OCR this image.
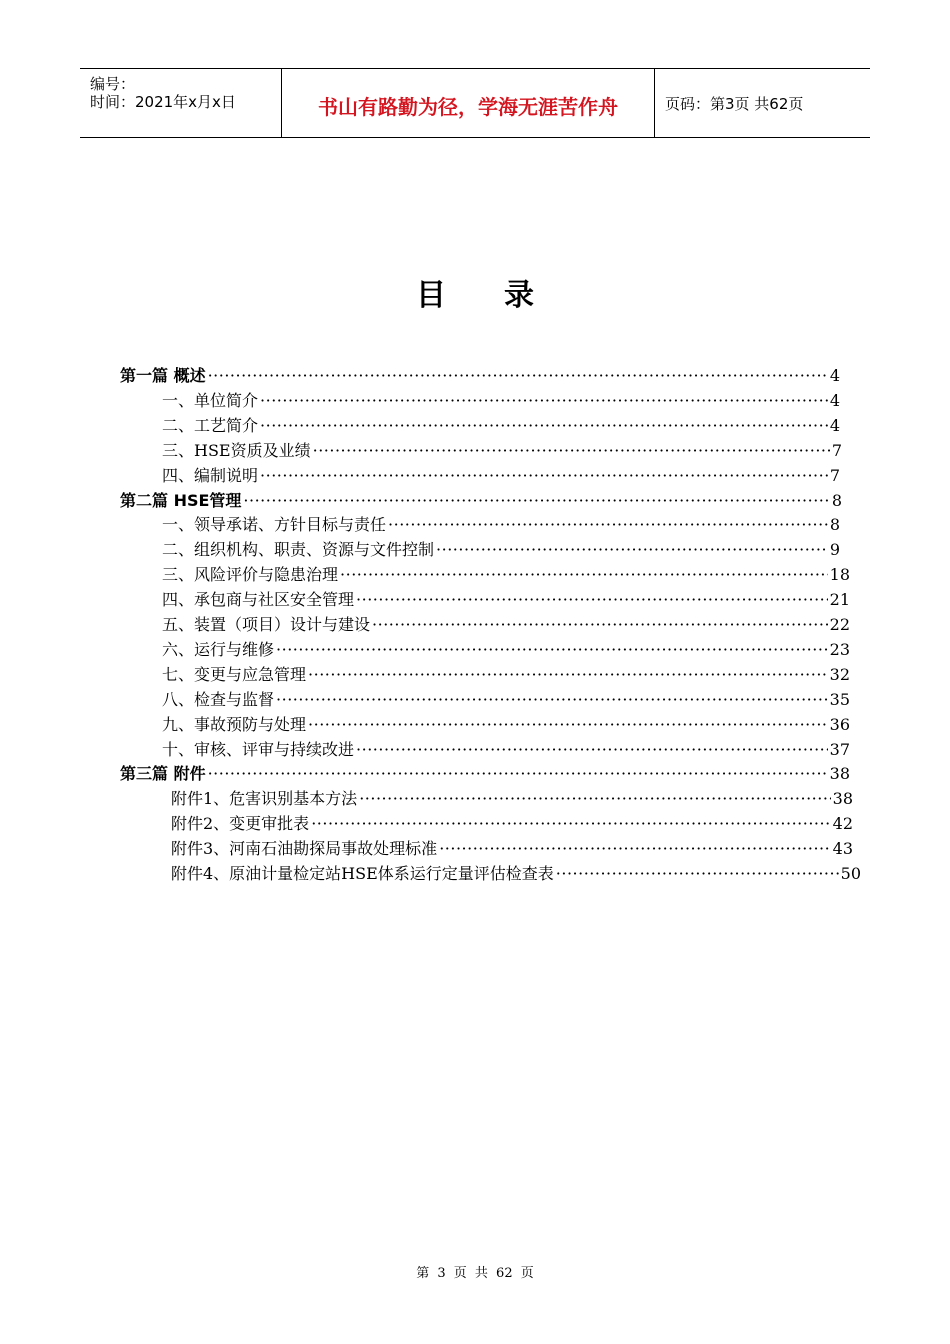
编号：
时间：2021年x月x日	书山有路勤为径，学海无涯苦作舟	页码：第3页 共62页
目录
第一篇 概述 ·····	4
一、单位简介 ·····	4
二、工艺简介 ·····	4
三、HSE资质及业绩 ·····	7
四、编制说明 ·····	7
第二篇 HSE管理 ·····	8
一、领导承诺、方针目标与责任 ·····	8
二、组织机构、职责、资源与文件控制 ·····	9
三、风险评价与隐患治理 ·····	18
四、承包商与社区安全管理 ·····	21
五、装置（项目）设计与建设 ·····	22
六、运行与维修 ·····	23
七、变更与应急管理 ·····	32
八、检查与监督 ·····	35
九、事故预防与处理 ·····	36
十、审核、评审与持续改进 ·····	37
第三篇 附件 ·····	38
附件1、危害识别基本方法 ·····	38
附件2、变更审批表 ·····	42
附件3、河南石油勘探局事故处理标准 ·····	43
附件4、原油计量检定站HSE体系运行定量评估检查表 ·····	50
第 3 页 共 62 页
